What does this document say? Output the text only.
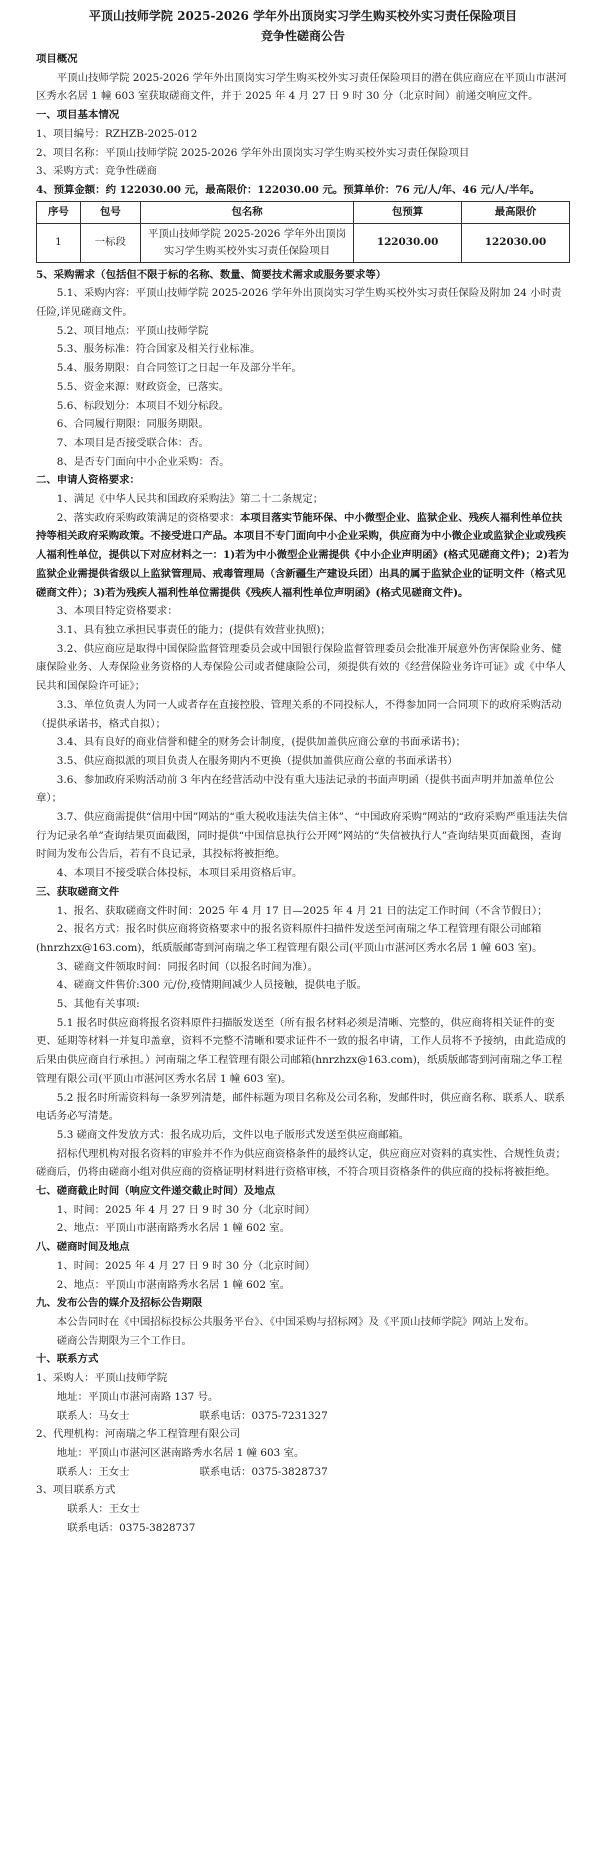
平顶山技师学院 2025-2026 学年外出顶岗实习学生购买校外实习责任保险项目
竞争性磋商公告

项目概况

平顶山技师学院 2025-2026 学年外出顶岗实习学生购买校外实习责任保险项目的潜在供应商应在平顶山市湛河区秀水名居 1 幢 603 室获取磋商文件，并于 2025 年 4 月 27 日 9 时 30 分（北京时间）前递交响应文件。

一、项目基本情况

1、项目编号：RZHZB-2025-012

2、项目名称：平顶山技师学院 2025-2026 学年外出顶岗实习学生购买校外实习责任保险项目

3、采购方式：竞争性磋商

4、预算金额：约 122030.00 元，最高限价：122030.00 元。预算单价：76 元/人/年、46 元/人/半年。

序号	包号	包名称	包预算	最高限价
1	一标段	平顶山技师学院 2025-2026 学年外出顶岗实习学生购买校外实习责任保险项目	122030.00	122030.00

5、采购需求（包括但不限于标的名称、数量、简要技术需求或服务要求等）

5.1、采购内容：平顶山技师学院 2025-2026 学年外出顶岗实习学生购买校外实习责任保险及附加 24 小时责任险,详见磋商文件。

5.2、项目地点：平顶山技师学院

5.3、服务标准：符合国家及相关行业标准。

5.4、服务期限：自合同签订之日起一年及部分半年。

5.5、资金来源：财政资金，已落实。

5.6、标段划分：本项目不划分标段。

6、合同履行期限：同服务期限。

7、本项目是否接受联合体：否。

8、是否专门面向中小企业采购：否。

二、申请人资格要求：

1、满足《中华人民共和国政府采购法》第二十二条规定；

2、落实政府采购政策满足的资格要求：本项目落实节能环保、中小微型企业、监狱企业、残疾人福利性单位扶持等相关政府采购政策。不接受进口产品。本项目不专门面向中小企业采购，供应商为中小微企业或监狱企业或残疾人福利性单位，提供以下对应材料之一：1)若为中小微型企业需提供《中小企业声明函》(格式见磋商文件)；2)若为监狱企业需提供省级以上监狱管理局、戒毒管理局（含新疆生产建设兵团）出具的属于监狱企业的证明文件（格式见磋商文件）；3)若为残疾人福利性单位需提供《残疾人福利性单位声明函》(格式见磋商文件)。

3、本项目特定资格要求：

3.1、具有独立承担民事责任的能力；(提供有效营业执照)；

3.2、供应商应是取得中国保险监督管理委员会或中国银行保险监督管理委员会批准开展意外伤害保险业务、健康保险业务、人寿保险业务资格的人寿保险公司或者健康险公司，须提供有效的《经营保险业务许可证》或《中华人民共和国保险许可证》；

3.3、单位负责人为同一人或者存在直接控股、管理关系的不同投标人，不得参加同一合同项下的政府采购活动（提供承诺书，格式自拟）；

3.4、具有良好的商业信誉和健全的财务会计制度，(提供加盖供应商公章的书面承诺书)；

3.5、供应商拟派的项目负责人在服务期内不更换（提供加盖供应商公章的书面承诺书）

3.6、参加政府采购活动前 3 年内在经营活动中没有重大违法记录的书面声明函（提供书面声明并加盖单位公章）；

3.7、供应商需提供“信用中国”网站的“重大税收违法失信主体”、“中国政府采购”网站的“政府采购严重违法失信行为记录名单”查询结果页面截图，同时提供“中国信息执行公开网”网站的“失信被执行人”查询结果页面截图，查询时间为发布公告后，若有不良记录，其投标将被拒绝。

4、本项目不接受联合体投标，本项目采用资格后审。

三、获取磋商文件

1、报名、获取磋商文件时间：2025 年 4 月 17 日—2025 年 4 月 21 日的法定工作时间（不含节假日）；

2、报名方式：报名时供应商将资格要求中的报名资料原件扫描件发送至河南瑞之华工程管理有限公司邮箱(hnrzhzx@163.com)，纸质版邮寄到河南瑞之华工程管理有限公司(平顶山市湛河区秀水名居 1 幢 603 室)。

3、磋商文件领取时间：同报名时间（以报名时间为准）。

4、磋商文件售价:300 元/份,疫情期间减少人员接触，提供电子版。

5、其他有关事项:

5.1 报名时供应商将报名资料原件扫描版发送至（所有报名材料必须是清晰、完整的，供应商将相关证件的变更、延期等材料一并复印盖章，资料不完整不清晰和要求证件不一致的报名申请，工作人员将不予接纳，由此造成的后果由供应商自行承担。）河南瑞之华工程管理有限公司邮箱(hnrzhzx@163.com)，纸质版邮寄到河南瑞之华工程管理有限公司(平顶山市湛河区秀水名居 1 幢 603 室)。

5.2 报名时所需资料每一条罗列清楚，邮件标题为项目名称及公司名称，发邮件时，供应商名称、联系人、联系电话务必写清楚。

5.3 磋商文件发放方式：报名成功后，文件以电子版形式发送至供应商邮箱。

招标代理机构对报名资料的审验并不作为供应商资格条件的最终认定，供应商应对资料的真实性、合规性负责；磋商后，仍将由磋商小组对供应商的资格证明材料进行资格审核，不符合项目资格条件的供应商的投标将被拒绝。

七、磋商截止时间（响应文件递交截止时间）及地点

1、时间：2025 年 4 月 27 日 9 时 30 分（北京时间）

2、地点：平顶山市湛南路秀水名居 1 幢 602 室。

八、磋商时间及地点

1、时间：2025 年 4 月 27 日 9 时 30 分（北京时间）

2、地点：平顶山市湛南路秀水名居 1 幢 602 室。

九、发布公告的媒介及招标公告期限

本公告同时在《中国招标投标公共服务平台》、《中国采购与招标网》及《平顶山技师学院》网站上发布。

磋商公告期限为三个工作日。

十、联系方式

1、采购人：平顶山技师学院

地址：平顶山市湛河南路 137 号。

联系人：马女士	联系电话：0375-7231327

2、代理机构：河南瑞之华工程管理有限公司

地址：平顶山市湛河区湛南路秀水名居 1 幢 603 室。

联系人：王女士	联系电话：0375-3828737

3、项目联系方式

联系人：王女士

联系电话：0375-3828737
